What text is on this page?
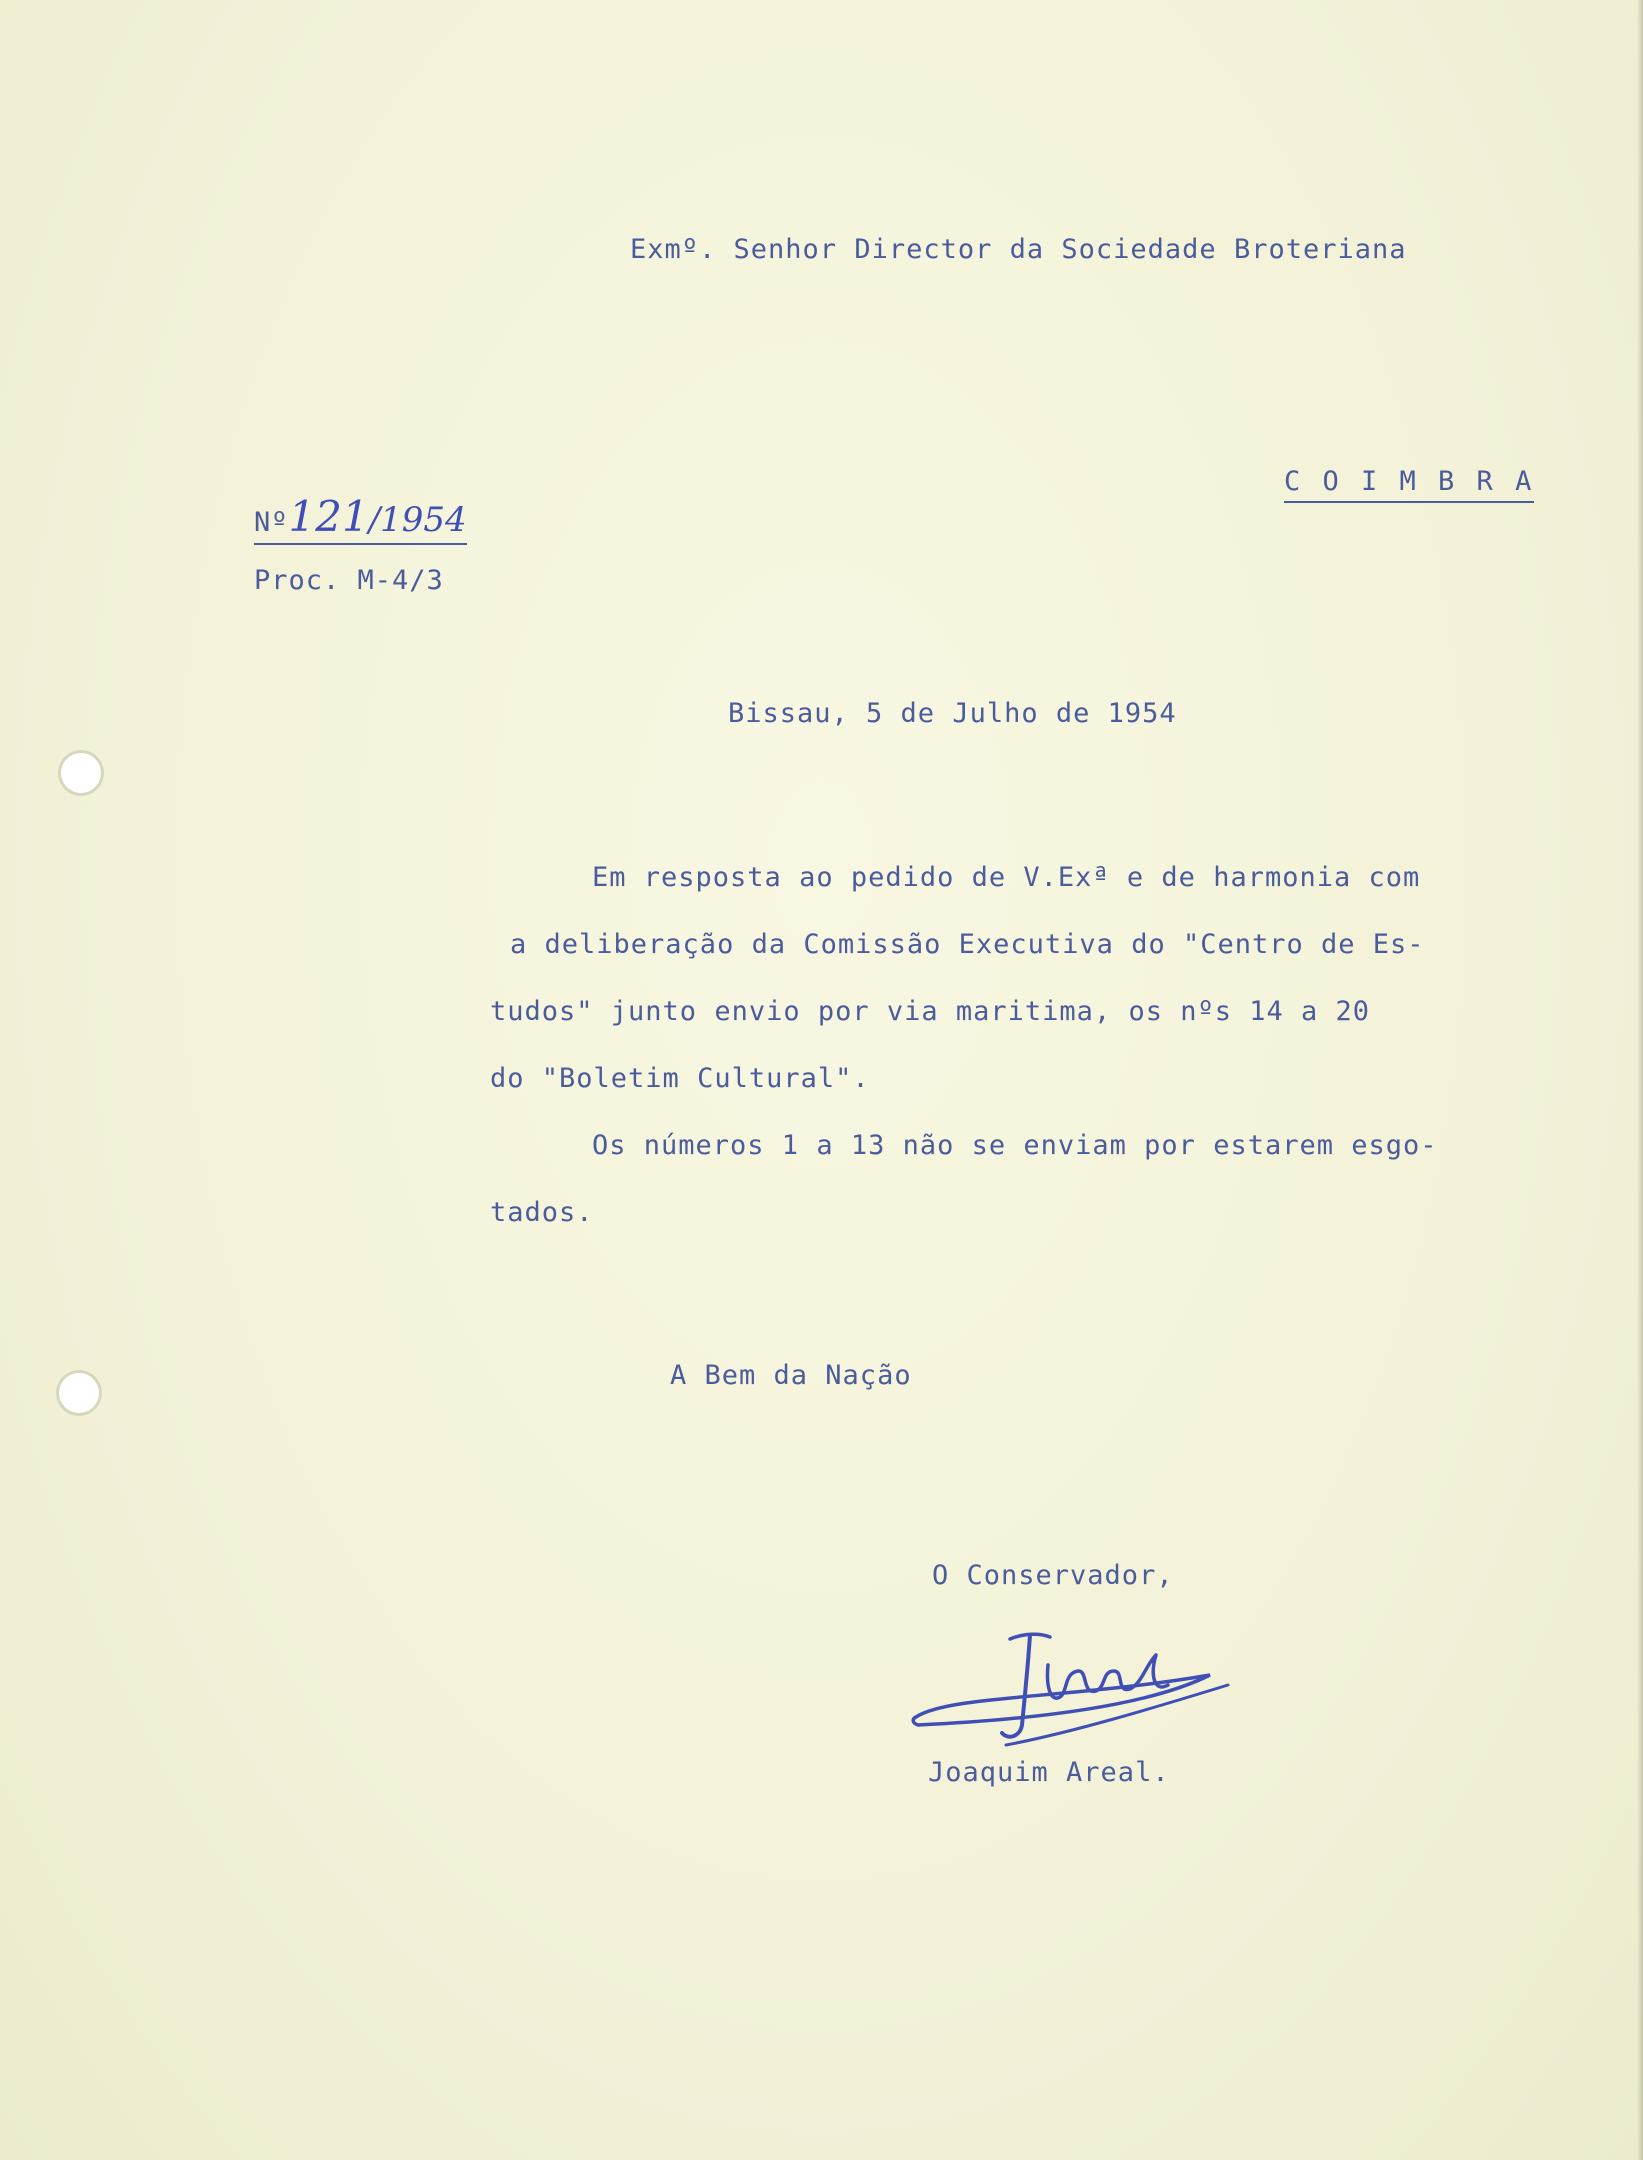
Exmº. Senhor Director da Sociedade Broteriana
C O I M B R A
Nº121/1954
Proc. M-4/3
Bissau, 5 de Julho de 1954
Em resposta ao pedido de V.Exª e de harmonia com
a deliberação da Comissão Executiva do "Centro de Es-
tudos" junto envio por via maritima, os nºs 14 a 20
do "Boletim Cultural".
Os números 1 a 13 não se enviam por estarem esgo-
tados.
A Bem da Nação
O Conservador,
Joaquim Areal.
